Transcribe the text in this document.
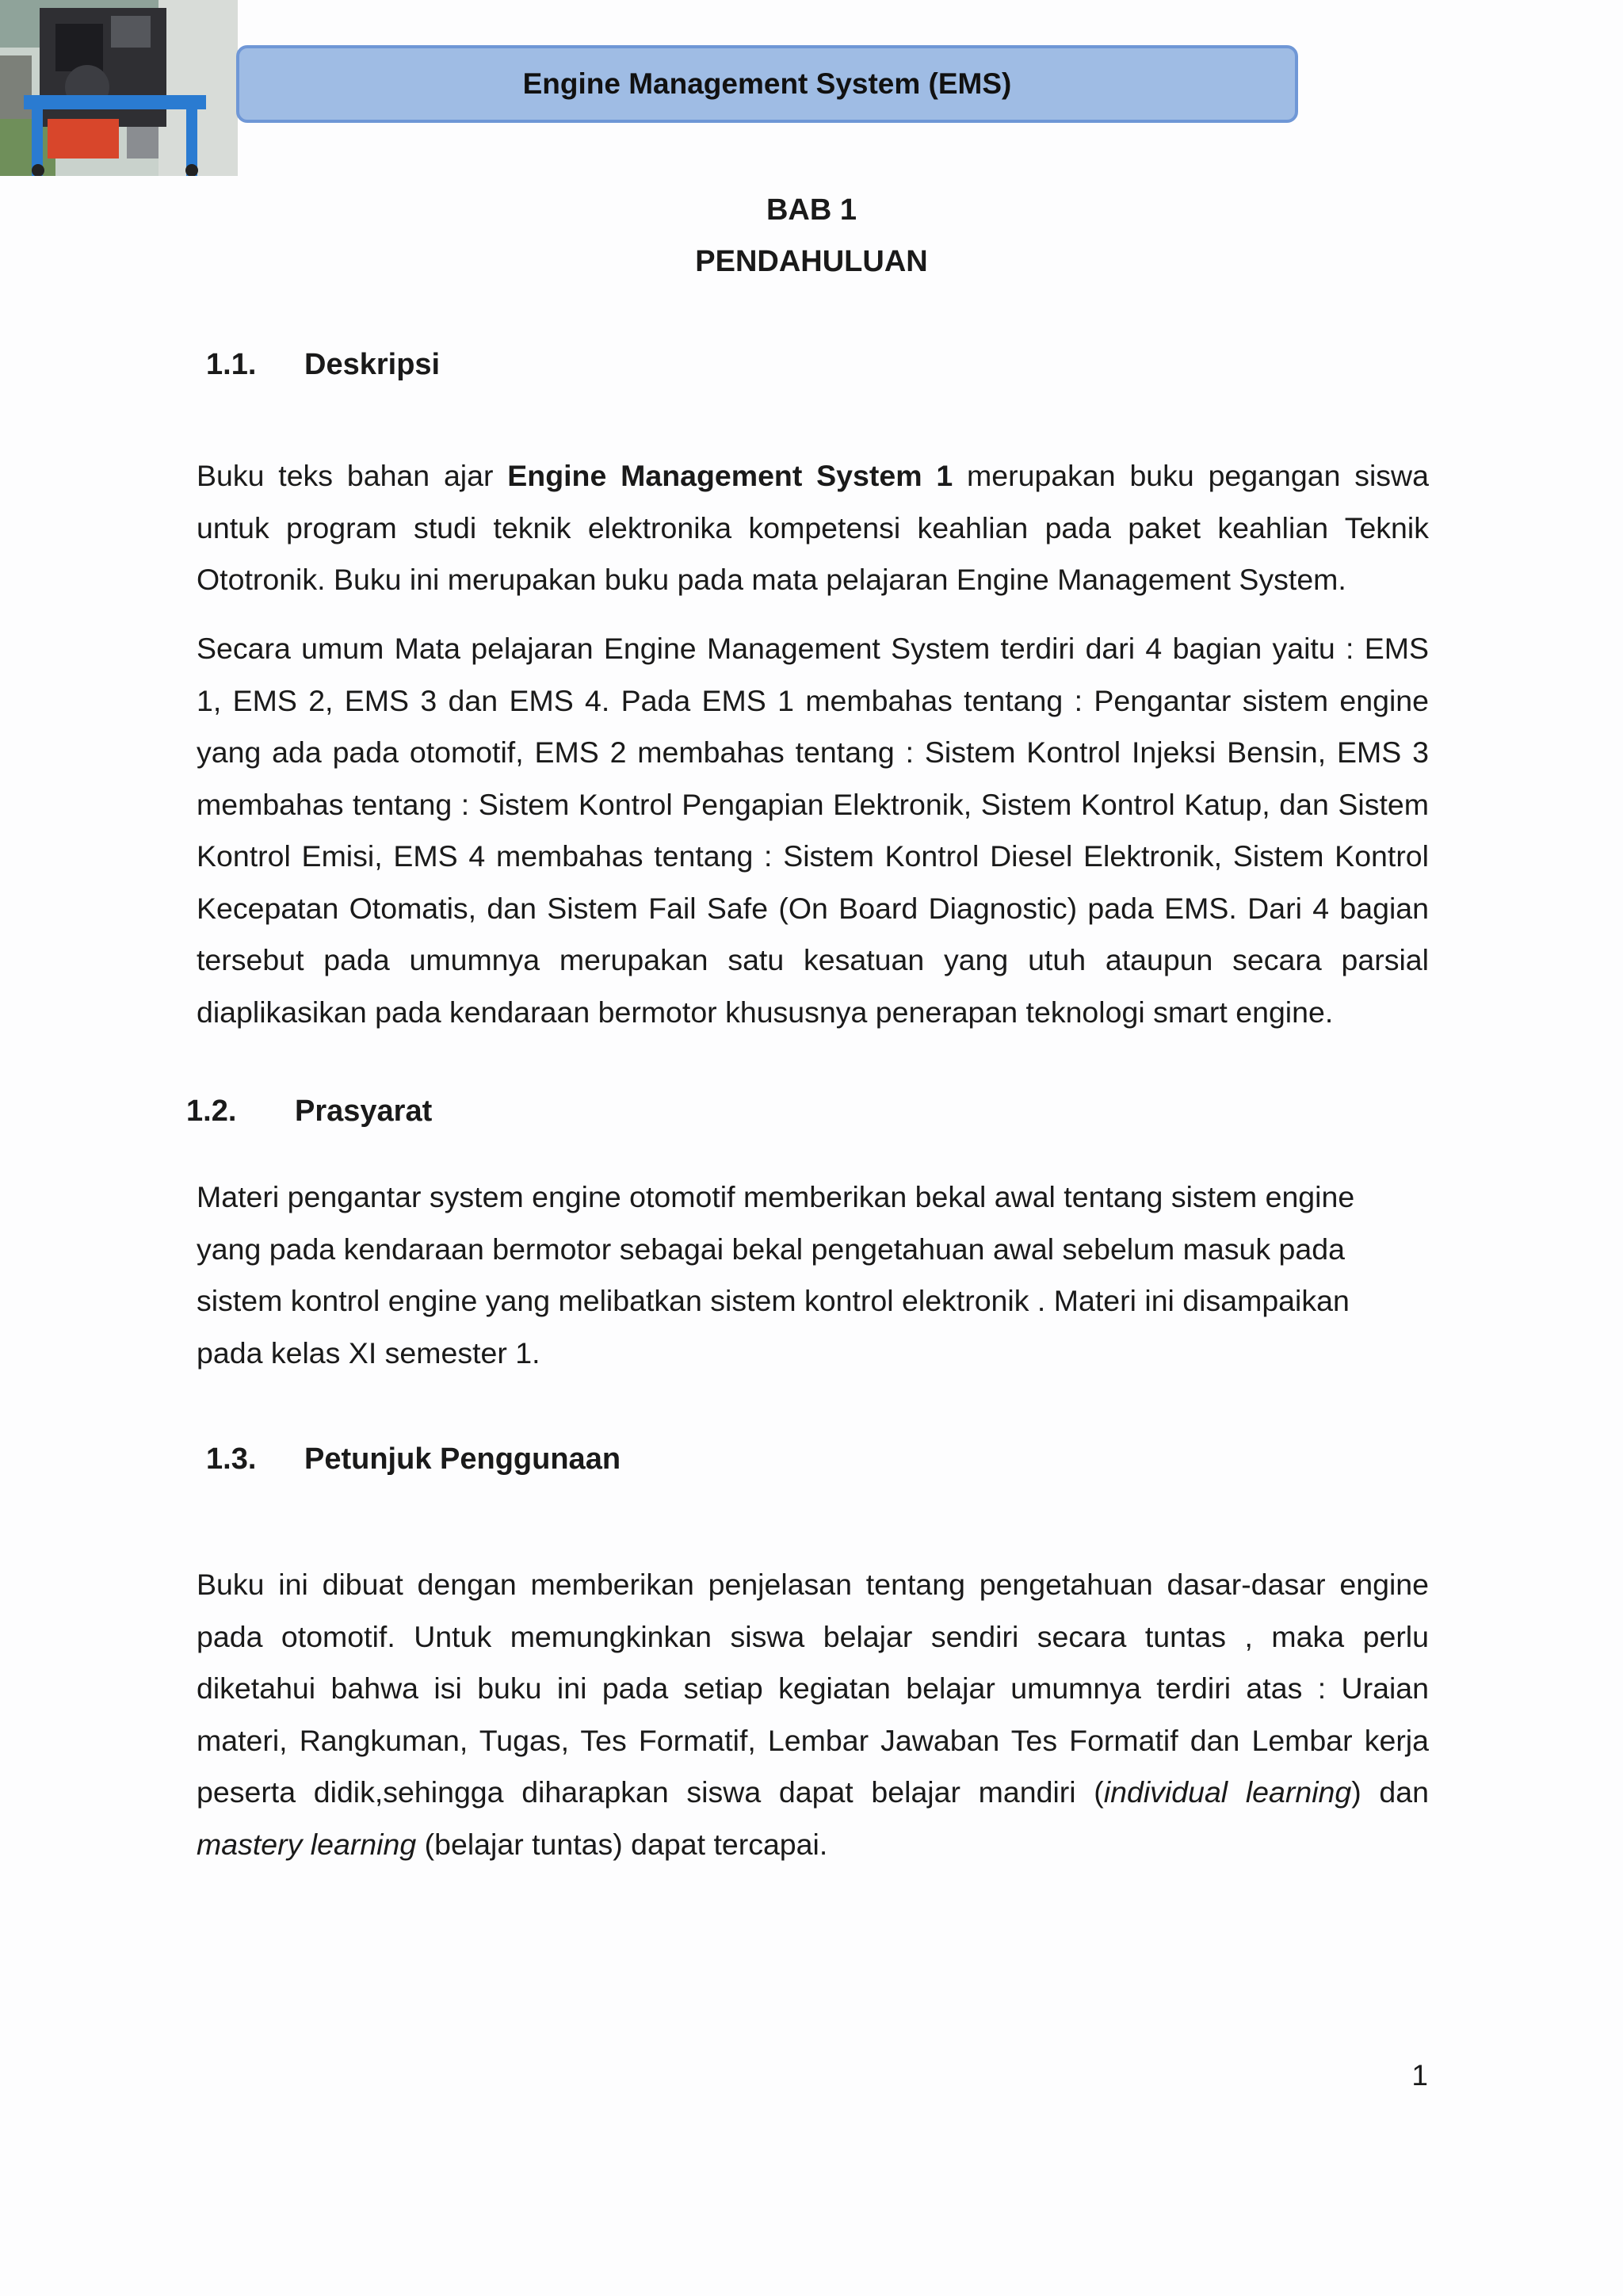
Engine Management System (EMS)
BAB 1
PENDAHULUAN
1.1. Deskripsi
Buku teks bahan ajar Engine Management System 1 merupakan buku pegangan siswa untuk program studi teknik elektronika kompetensi keahlian pada paket keahlian Teknik Ototronik. Buku ini merupakan buku pada mata pelajaran Engine Management System.
Secara umum Mata pelajaran Engine Management System terdiri dari 4 bagian yaitu : EMS 1, EMS 2, EMS 3 dan EMS 4. Pada EMS 1 membahas tentang : Pengantar sistem engine yang ada pada otomotif, EMS 2 membahas tentang : Sistem Kontrol Injeksi Bensin, EMS 3 membahas tentang : Sistem Kontrol Pengapian Elektronik, Sistem Kontrol Katup, dan Sistem Kontrol Emisi, EMS 4 membahas tentang : Sistem Kontrol Diesel Elektronik, Sistem Kontrol Kecepatan Otomatis, dan Sistem Fail Safe (On Board Diagnostic) pada EMS. Dari 4 bagian tersebut pada umumnya merupakan satu kesatuan yang utuh ataupun secara parsial diaplikasikan pada kendaraan bermotor khususnya penerapan teknologi smart engine.
1.2. Prasyarat
Materi pengantar system engine otomotif memberikan bekal awal tentang sistem engine
yang pada kendaraan bermotor sebagai bekal pengetahuan awal sebelum masuk pada
sistem kontrol engine yang melibatkan sistem kontrol elektronik . Materi ini disampaikan
pada kelas XI semester 1.
1.3. Petunjuk Penggunaan
Buku ini dibuat dengan memberikan penjelasan tentang pengetahuan dasar-dasar engine pada otomotif. Untuk memungkinkan siswa belajar sendiri secara tuntas , maka perlu diketahui bahwa isi buku ini pada setiap kegiatan belajar umumnya terdiri atas : Uraian materi, Rangkuman, Tugas, Tes Formatif, Lembar Jawaban Tes Formatif dan Lembar kerja peserta didik,sehingga diharapkan siswa dapat belajar mandiri (individual learning) dan mastery learning (belajar tuntas) dapat tercapai.
1
